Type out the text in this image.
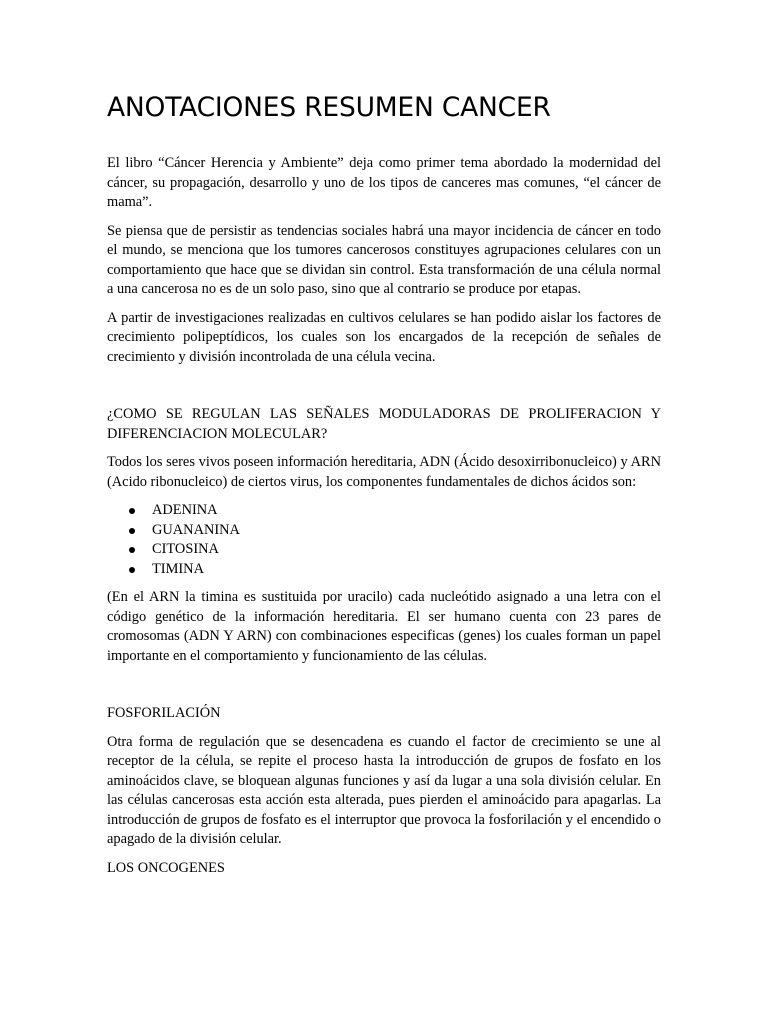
ANOTACIONES RESUMEN CANCER

El libro “Cáncer Herencia y Ambiente” deja como primer tema abordado la modernidad del cáncer, su propagación, desarrollo y uno de los tipos de canceres mas comunes, “el cáncer de mama”.

Se piensa que de persistir as tendencias sociales habrá una mayor incidencia de cáncer en todo el mundo, se menciona que los tumores cancerosos constituyes agrupaciones celulares con un comportamiento que hace que se dividan sin control. Esta transformación de una célula normal a una cancerosa no es de un solo paso, sino que al contrario se produce por etapas.

A partir de investigaciones realizadas en cultivos celulares se han podido aislar los factores de crecimiento polipeptídicos, los cuales son los encargados de la recepción de señales de crecimiento y división incontrolada de una célula vecina.

¿COMO SE REGULAN LAS SEÑALES MODULADORAS DE PROLIFERACION Y DIFERENCIACION MOLECULAR?

Todos los seres vivos poseen información hereditaria, ADN (Ácido desoxirribonucleico) y ARN (Acido ribonucleico) de ciertos virus, los componentes fundamentales de dichos ácidos son:

ADENINA
GUANANINA
CITOSINA
TIMINA

(En el ARN la timina es sustituida por uracilo) cada nucleótido asignado a una letra con el código genético de la información hereditaria. El ser humano cuenta con 23 pares de cromosomas (ADN Y ARN) con combinaciones especificas (genes) los cuales forman un papel importante en el comportamiento y funcionamiento de las células.

FOSFORILACIÓN

Otra forma de regulación que se desencadena es cuando el factor de crecimiento se une al receptor de la célula, se repite el proceso hasta la introducción de grupos de fosfato en los aminoácidos clave, se bloquean algunas funciones y así da lugar a una sola división celular. En las células cancerosas esta acción esta alterada, pues pierden el aminoácido para apagarlas. La introducción de grupos de fosfato es el interruptor que provoca la fosforilación y el encendido o apagado de la división celular.

LOS ONCOGENES
